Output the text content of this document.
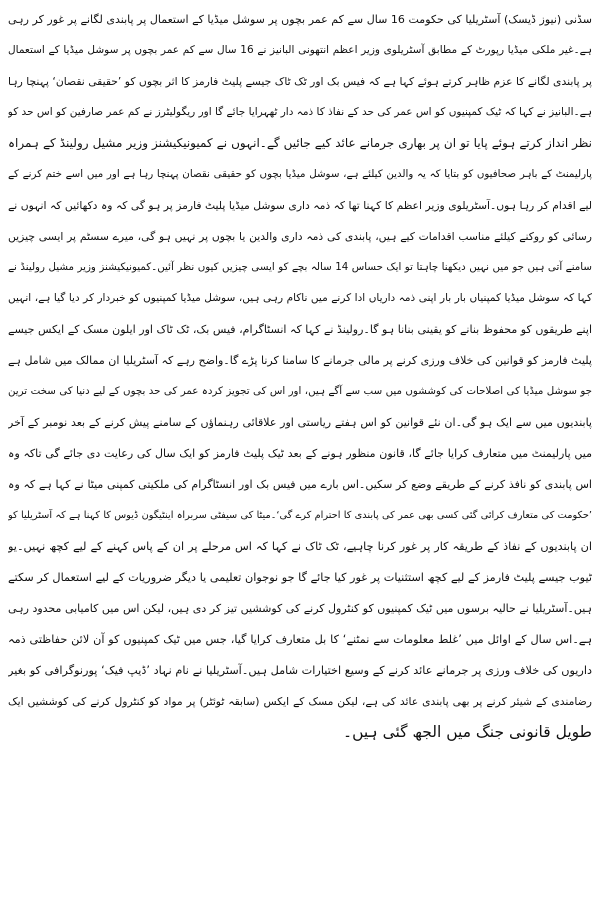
سڈنی (نیوز ڈیسک) آسٹریلیا کی حکومت 16 سال سے کم عمر بچوں پر سوشل میڈیا کے استعمال پر پابندی لگانے پر غور کر رہی
ہے۔غیر ملکی میڈیا رپورٹ کے مطابق آسٹریلوی وزیر اعظم انتھونی البانیز نے 16 سال سے کم عمر بچوں پر سوشل میڈیا کے استعمال
پر پابندی لگانے کا عزم ظاہر کرتے ہوئے کہا ہے کہ فیس بک اور ٹک ٹاک جیسے پلیٹ فارمز کا اثر بچوں کو ’حقیقی نقصان‘ پہنچا رہا
ہے۔البانیز نے کہا کہ ٹیک کمپنیوں کو اس عمر کی حد کے نفاذ کا ذمہ دار ٹھہرایا جائے گا اور ریگولیٹرز نے کم عمر صارفین کو اس حد کو
نظر انداز کرتے ہوئے پایا تو ان پر بھاری جرمانے عائد کیے جائیں گے۔انہوں نے کمیونیکیشنز وزیر مشیل رولینڈ کے ہمراہ
پارلیمنٹ کے باہر صحافیوں کو بتایا کہ یہ والدین کیلئے ہے، سوشل میڈیا بچوں کو حقیقی نقصان پہنچا رہا ہے اور میں اسے ختم کرنے کے
لیے اقدام کر رہا ہوں۔آسٹریلوی وزیر اعظم کا کہنا تھا کہ ذمہ داری سوشل میڈیا پلیٹ فارمز پر ہو گی کہ وہ دکھائیں کہ انہوں نے
رسائی کو روکنے کیلئے مناسب اقدامات کیے ہیں، پابندی کی ذمہ داری والدین یا بچوں پر نہیں ہو گی، میرے سسٹم پر ایسی چیزیں
سامنے آتی ہیں جو میں نہیں دیکھنا چاہتا تو ایک حساس 14 سالہ بچے کو ایسی چیزیں کیوں نظر آئیں۔کمیونیکیشنز وزیر مشیل رولینڈ نے
کہا کہ سوشل میڈیا کمپنیاں بار بار اپنی ذمہ داریاں ادا کرنے میں ناکام رہی ہیں، سوشل میڈیا کمپنیوں کو خبردار کر دیا گیا ہے، انہیں
اپنے طریقوں کو محفوظ بنانے کو یقینی بنانا ہو گا۔رولینڈ نے کہا کہ انسٹاگرام، فیس بک، ٹک ٹاک اور ایلون مسک کے ایکس جیسے
پلیٹ فارمز کو قوانین کی خلاف ورزی کرنے پر مالی جرمانے کا سامنا کرنا پڑے گا۔واضح رہے کہ آسٹریلیا ان ممالک میں شامل ہے
جو سوشل میڈیا کی اصلاحات کی کوششوں میں سب سے آگے ہیں، اور اس کی تجویز کردہ عمر کی حد بچوں کے لیے دنیا کی سخت ترین
پابندیوں میں سے ایک ہو گی۔ان نئے قوانین کو اس ہفتے ریاستی اور علاقائی رہنماؤں کے سامنے پیش کرنے کے بعد نومبر کے آخر
میں پارلیمنٹ میں متعارف کرایا جائے گا، قانون منظور ہونے کے بعد ٹیک پلیٹ فارمز کو ایک سال کی رعایت دی جائے گی تاکہ وہ
اس پابندی کو نافذ کرنے کے طریقے وضع کر سکیں۔اس بارے میں فیس بک اور انسٹاگرام کی ملکیتی کمپنی میٹا نے کہا ہے کہ وہ
’حکومت کی متعارف کرائی گئی کسی بھی عمر کی پابندی کا احترام کرے گی‘۔میٹا کی سیفٹی سربراہ اینٹیگون ڈیوس کا کہنا ہے کہ آسٹریلیا کو
ان پابندیوں کے نفاذ کے طریقہ کار پر غور کرنا چاہیے، ٹک ٹاک نے کہا کہ اس مرحلے پر ان کے پاس کہنے کے لیے کچھ نہیں۔یو
ٹیوب جیسے پلیٹ فارمز کے لیے کچھ استثنیات پر غور کیا جائے گا جو نوجوان تعلیمی یا دیگر ضروریات کے لیے استعمال کر سکتے
ہیں۔آسٹریلیا نے حالیہ برسوں میں ٹیک کمپنیوں کو کنٹرول کرنے کی کوششیں تیز کر دی ہیں، لیکن اس میں کامیابی محدود رہی
ہے۔اس سال کے اوائل میں ’غلط معلومات سے نمٹنے‘ کا بل متعارف کرایا گیا، جس میں ٹیک کمپنیوں کو آن لائن حفاظتی ذمہ
داریوں کی خلاف ورزی پر جرمانے عائد کرنے کے وسیع اختیارات شامل ہیں۔آسٹریلیا نے نام نہاد ’ڈیپ فیک‘ پورنوگرافی کو بغیر
رضامندی کے شیئر کرنے پر بھی پابندی عائد کی ہے، لیکن مسک کے ایکس (سابقہ ٹوئٹر) پر مواد کو کنٹرول کرنے کی کوششیں ایک
طویل قانونی جنگ میں الجھ گئی ہیں۔
